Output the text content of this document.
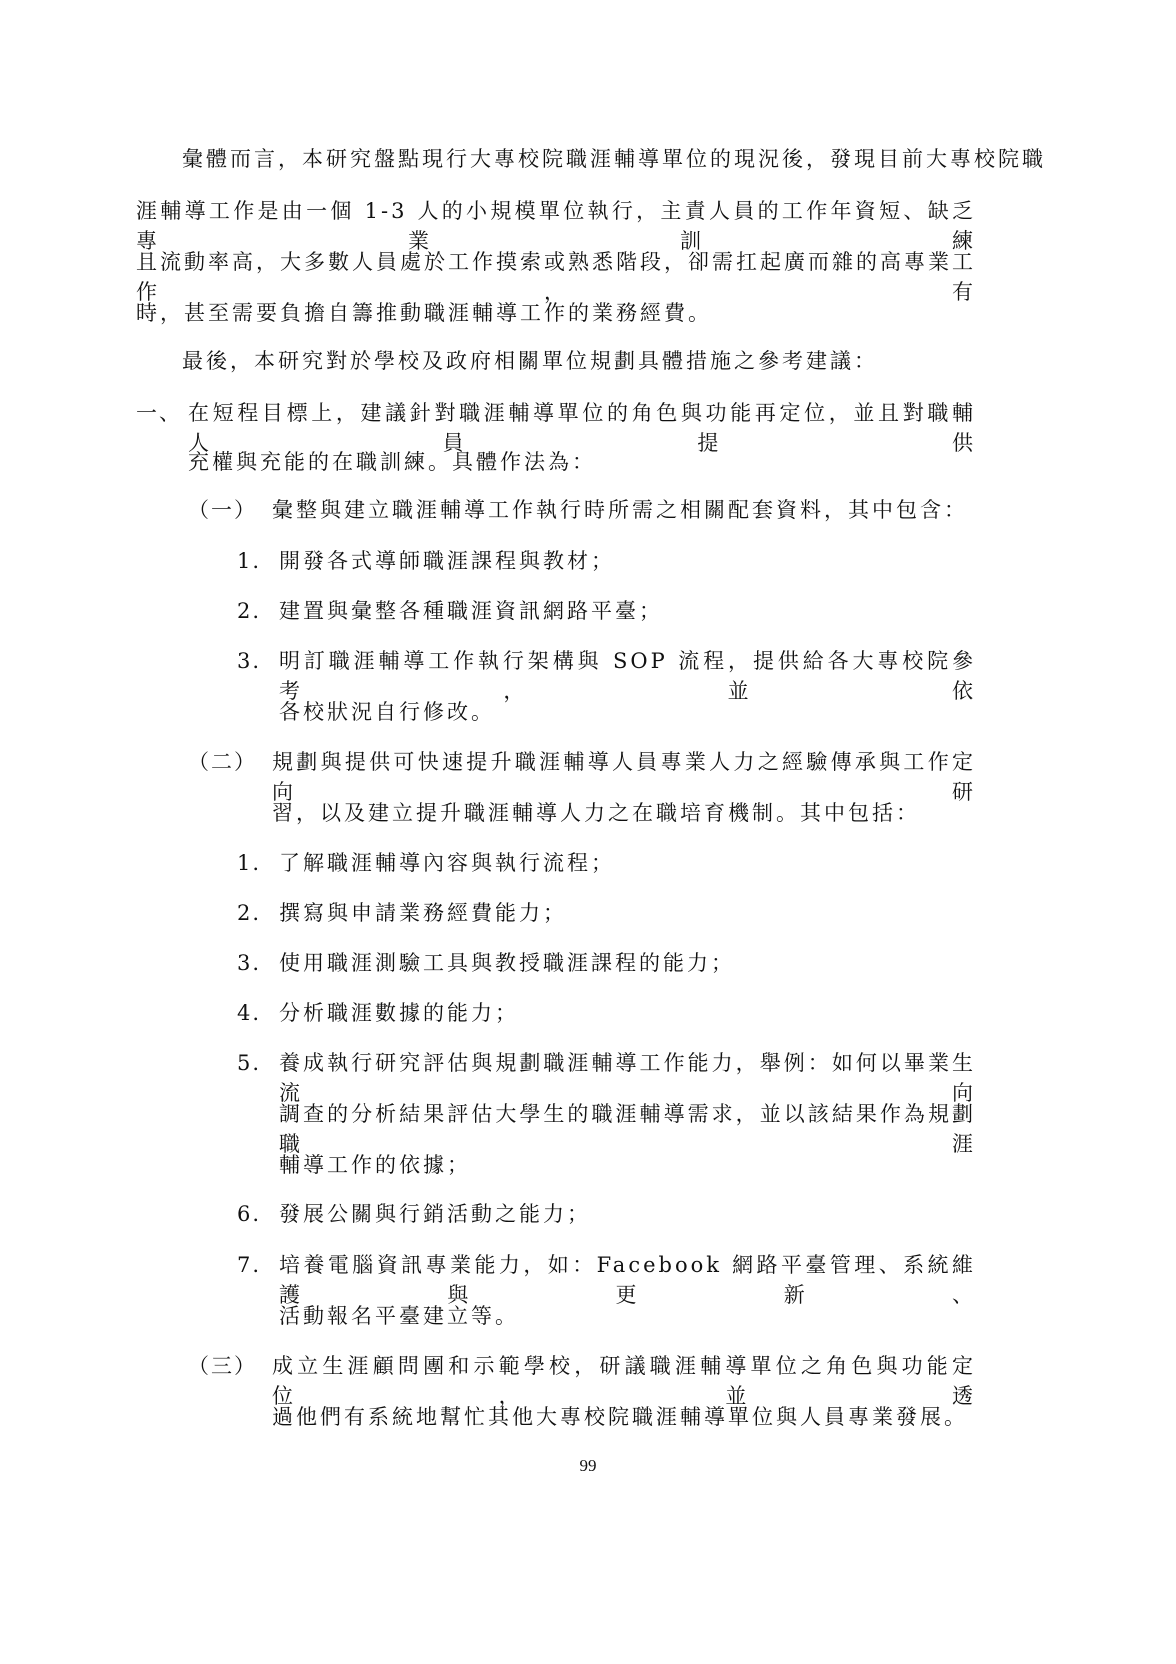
彙體而言，本研究盤點現行大專校院職涯輔導單位的現況後，發現目前大專校院職
涯輔導工作是由一個 1-3 人的小規模單位執行，主責人員的工作年資短、缺乏專業訓練
且流動率高，大多數人員處於工作摸索或熟悉階段，卻需扛起廣而雜的高專業工作，有
時，甚至需要負擔自籌推動職涯輔導工作的業務經費。

最後，本研究對於學校及政府相關單位規劃具體措施之參考建議：

一、 在短程目標上，建議針對職涯輔導單位的角色與功能再定位，並且對職輔人員提供
充權與充能的在職訓練。具體作法為：
（一） 彙整與建立職涯輔導工作執行時所需之相關配套資料，其中包含：
1. 開發各式導師職涯課程與教材；
2. 建置與彙整各種職涯資訊網路平臺；
3. 明訂職涯輔導工作執行架構與 SOP 流程，提供給各大專校院參考，並依
各校狀況自行修改。
（二） 規劃與提供可快速提升職涯輔導人員專業人力之經驗傳承與工作定向研
習，以及建立提升職涯輔導人力之在職培育機制。其中包括：
1. 了解職涯輔導內容與執行流程；
2. 撰寫與申請業務經費能力；
3. 使用職涯測驗工具與教授職涯課程的能力；
4. 分析職涯數據的能力；
5. 養成執行研究評估與規劃職涯輔導工作能力，舉例：如何以畢業生流向
調查的分析結果評估大學生的職涯輔導需求，並以該結果作為規劃職涯
輔導工作的依據；
6. 發展公關與行銷活動之能力；
7. 培養電腦資訊專業能力，如：Facebook 網路平臺管理、系統維護與更新、
活動報名平臺建立等。
（三） 成立生涯顧問團和示範學校，研議職涯輔導單位之角色與功能定位，並透
過他們有系統地幫忙其他大專校院職涯輔導單位與人員專業發展。
99
